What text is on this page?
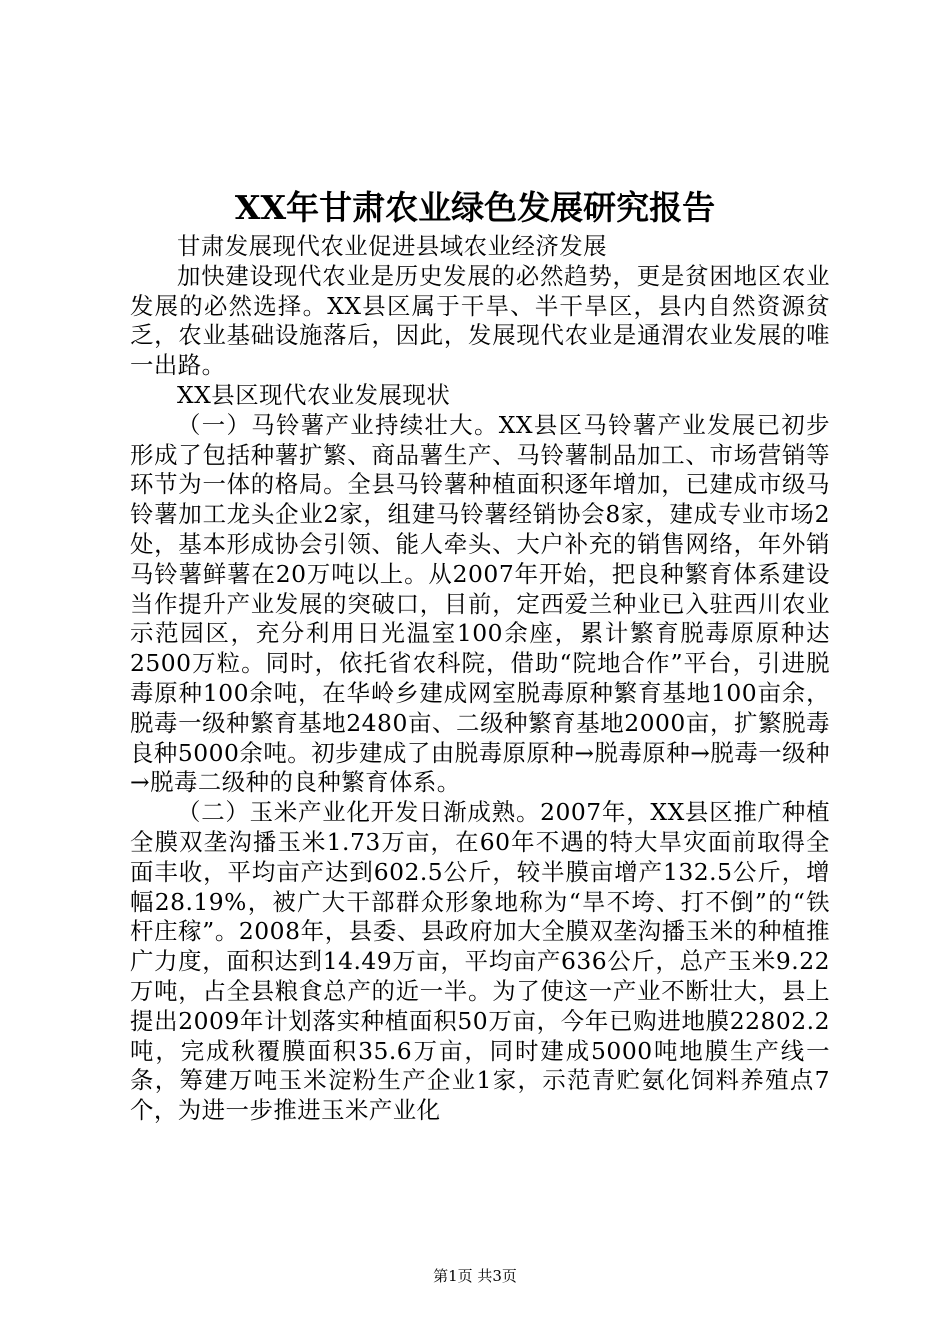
XX年甘肃农业绿色发展研究报告

甘肃发展现代农业促进县域农业经济发展

加快建设现代农业是历史发展的必然趋势，更是贫困地区农业发展的必然选择。XX县区属于干旱、半干旱区，县内自然资源贫乏，农业基础设施落后，因此，发展现代农业是通渭农业发展的唯一出路。

XX县区现代农业发展现状

（一）马铃薯产业持续壮大。XX县区马铃薯产业发展已初步形成了包括种薯扩繁、商品薯生产、马铃薯制品加工、市场营销等环节为一体的格局。全县马铃薯种植面积逐年增加，已建成市级马铃薯加工龙头企业2家，组建马铃薯经销协会8家，建成专业市场2处，基本形成协会引领、能人牵头、大户补充的销售网络，年外销马铃薯鲜薯在20万吨以上。从2007年开始，把良种繁育体系建设当作提升产业发展的突破口，目前，定西爱兰种业已入驻西川农业示范园区，充分利用日光温室100余座，累计繁育脱毒原原种达2500万粒。同时，依托省农科院，借助“院地合作”平台，引进脱毒原种100余吨，在华岭乡建成网室脱毒原种繁育基地100亩余，脱毒一级种繁育基地2480亩、二级种繁育基地2000亩，扩繁脱毒良种5000余吨。初步建成了由脱毒原原种→脱毒原种→脱毒一级种→脱毒二级种的良种繁育体系。

（二）玉米产业化开发日渐成熟。2007年，XX县区推广种植全膜双垄沟播玉米1.73万亩，在60年不遇的特大旱灾面前取得全面丰收，平均亩产达到602.5公斤，较半膜亩增产132.5公斤，增幅28.19%，被广大干部群众形象地称为“旱不垮、打不倒”的“铁杆庄稼”。2008年，县委、县政府加大全膜双垄沟播玉米的种植推广力度，面积达到14.49万亩，平均亩产636公斤，总产玉米9.22万吨，占全县粮食总产的近一半。为了使这一产业不断壮大，县上提出2009年计划落实种植面积50万亩，今年已购进地膜22802.2吨，完成秋覆膜面积35.6万亩，同时建成5000吨地膜生产线一条，筹建万吨玉米淀粉生产企业1家，示范青贮氨化饲料养殖点7个，为进一步推进玉米产业化

第1页 共3页
